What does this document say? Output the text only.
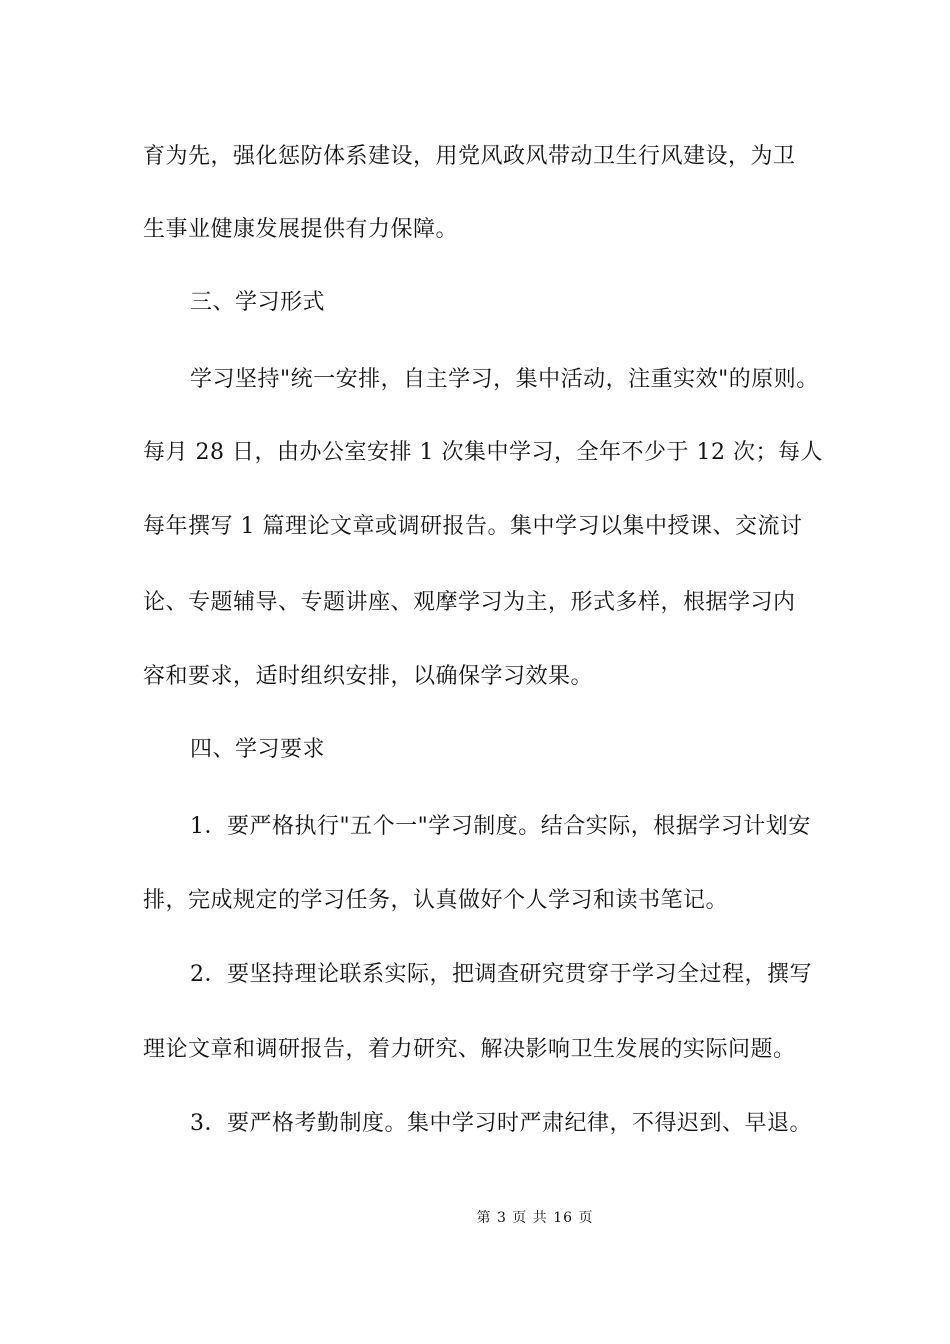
育为先，强化惩防体系建设，用党风政风带动卫生行风建设，为卫
生事业健康发展提供有力保障。
三、学习形式
学习坚持"统一安排，自主学习，集中活动，注重实效"的原则。
每月 28 日，由办公室安排 1 次集中学习，全年不少于 12 次；每人
每年撰写 1 篇理论文章或调研报告。集中学习以集中授课、交流讨
论、专题辅导、专题讲座、观摩学习为主，形式多样，根据学习内
容和要求，适时组织安排，以确保学习效果。
四、学习要求
1．要严格执行"五个一"学习制度。结合实际，根据学习计划安
排，完成规定的学习任务，认真做好个人学习和读书笔记。
2．要坚持理论联系实际，把调查研究贯穿于学习全过程，撰写
理论文章和调研报告，着力研究、解决影响卫生发展的实际问题。
3．要严格考勤制度。集中学习时严肃纪律，不得迟到、早退。
第 3 页 共 16 页
